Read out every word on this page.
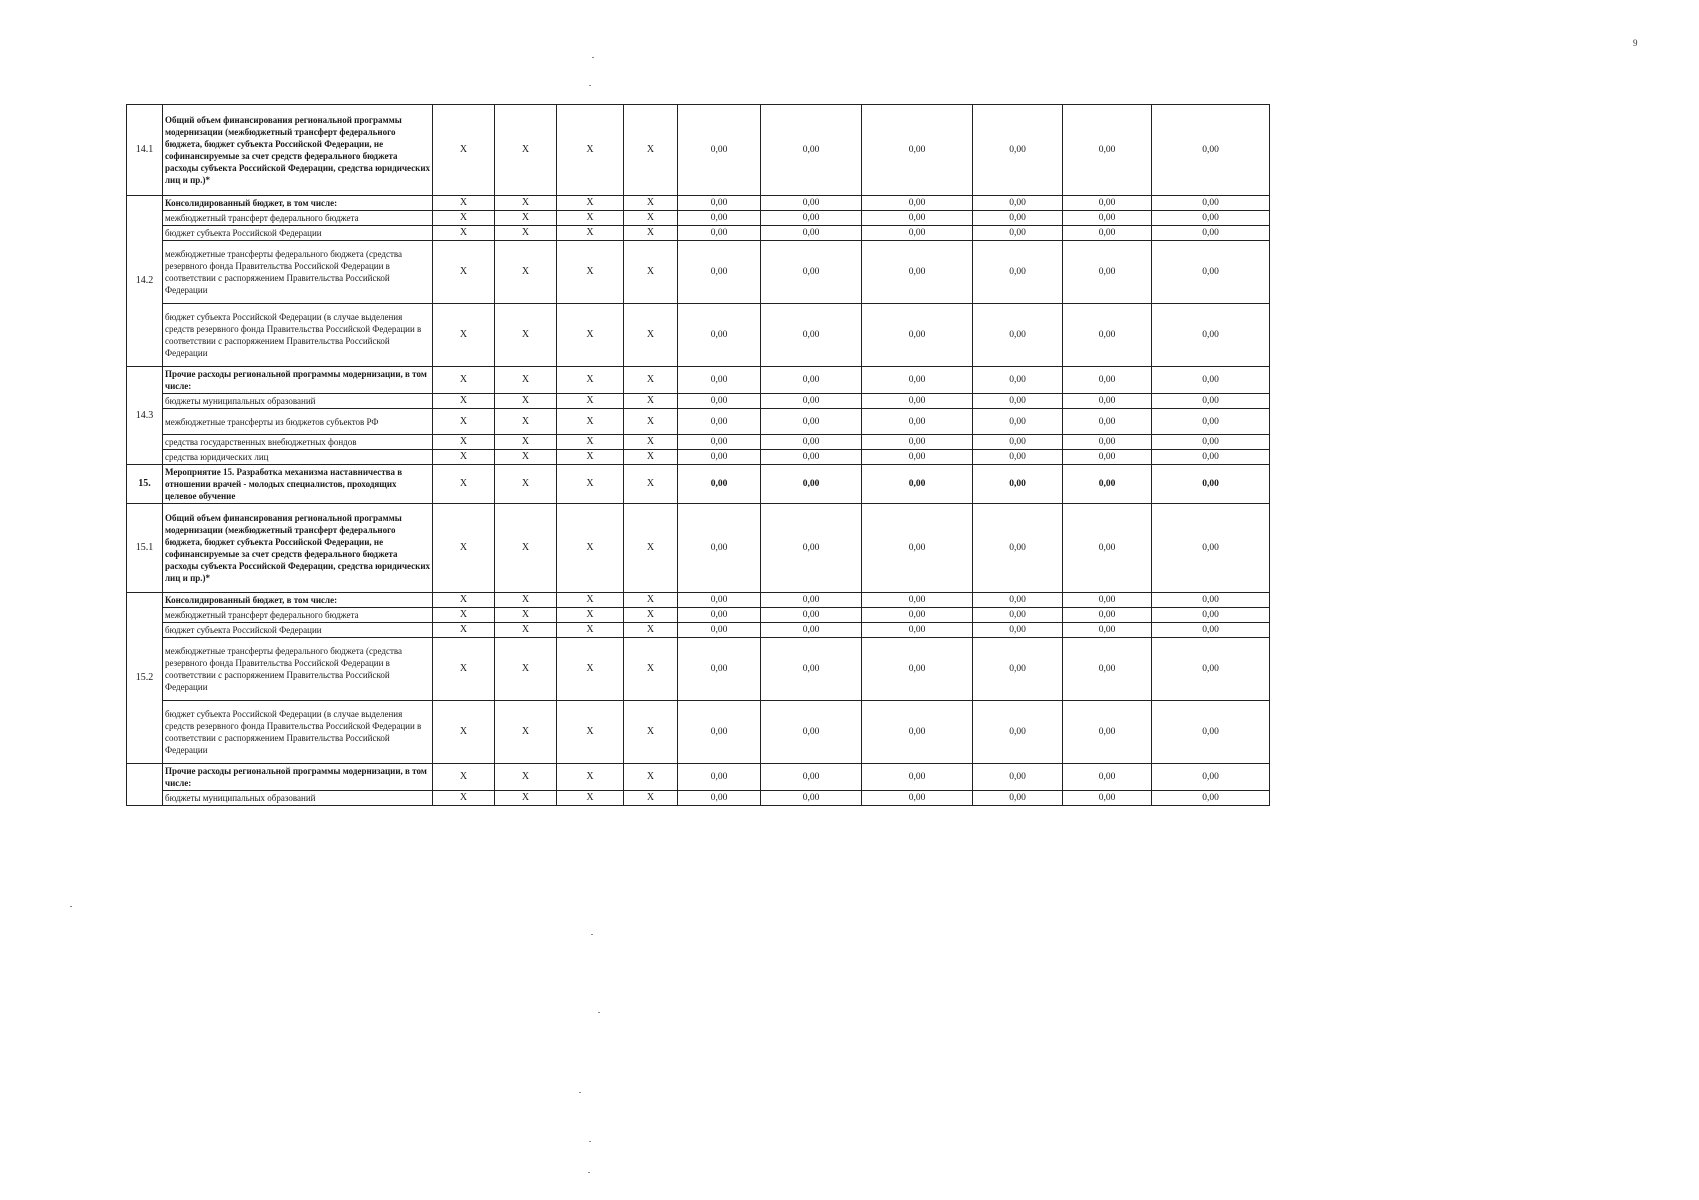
9
14.1	Общий объем финансирования региональной программы модернизации (межбюджетный трансферт федерального бюджета, бюджет субъекта Российской Федерации, не софинансируемые за счет средств федерального бюджета расходы субъекта Российской Федерации, средства юридических лиц и пр.)*	X	X	X	X	0,00	0,00	0,00	0,00	0,00	0,00
14.2	Консолидированный бюджет, в том числе:	X	X	X	X	0,00	0,00	0,00	0,00	0,00	0,00
	межбюджетный трансферт федерального бюджета	X	X	X	X	0,00	0,00	0,00	0,00	0,00	0,00
	бюджет субъекта Российской Федерации	X	X	X	X	0,00	0,00	0,00	0,00	0,00	0,00
	межбюджетные трансферты федерального бюджета (средства резервного фонда Правительства Российской Федерации в соответствии с распоряжением Правительства Российской Федерации	X	X	X	X	0,00	0,00	0,00	0,00	0,00	0,00
	бюджет субъекта Российской Федерации (в случае выделения средств резервного фонда Правительства Российской Федерации в соответствии с распоряжением Правительства Российской Федерации	X	X	X	X	0,00	0,00	0,00	0,00	0,00	0,00
14.3	Прочие расходы региональной программы модернизации, в том числе:	X	X	X	X	0,00	0,00	0,00	0,00	0,00	0,00
	бюджеты муниципальных образований	X	X	X	X	0,00	0,00	0,00	0,00	0,00	0,00
	межбюджетные трансферты из бюджетов субъектов РФ	X	X	X	X	0,00	0,00	0,00	0,00	0,00	0,00
	средства государственных внебюджетных фондов	X	X	X	X	0,00	0,00	0,00	0,00	0,00	0,00
	средства юридических лиц	X	X	X	X	0,00	0,00	0,00	0,00	0,00	0,00
15.	Мероприятие 15. Разработка механизма наставничества в отношении врачей - молодых специалистов, проходящих целевое обучение	X	X	X	X	0,00	0,00	0,00	0,00	0,00	0,00
15.1	Общий объем финансирования региональной программы модернизации (межбюджетный трансферт федерального бюджета, бюджет субъекта Российской Федерации, не софинансируемые за счет средств федерального бюджета расходы субъекта Российской Федерации, средства юридических лиц и пр.)*	X	X	X	X	0,00	0,00	0,00	0,00	0,00	0,00
15.2	Консолидированный бюджет, в том числе:	X	X	X	X	0,00	0,00	0,00	0,00	0,00	0,00
	межбюджетный трансферт федерального бюджета	X	X	X	X	0,00	0,00	0,00	0,00	0,00	0,00
	бюджет субъекта Российской Федерации	X	X	X	X	0,00	0,00	0,00	0,00	0,00	0,00
	межбюджетные трансферты федерального бюджета (средства резервного фонда Правительства Российской Федерации в соответствии с распоряжением Правительства Российской Федерации	X	X	X	X	0,00	0,00	0,00	0,00	0,00	0,00
	бюджет субъекта Российской Федерации (в случае выделения средств резервного фонда Правительства Российской Федерации в соответствии с распоряжением Правительства Российской Федерации	X	X	X	X	0,00	0,00	0,00	0,00	0,00	0,00
	Прочие расходы региональной программы модернизации, в том числе:	X	X	X	X	0,00	0,00	0,00	0,00	0,00	0,00
	бюджеты муниципальных образований	X	X	X	X	0,00	0,00	0,00	0,00	0,00	0,00
